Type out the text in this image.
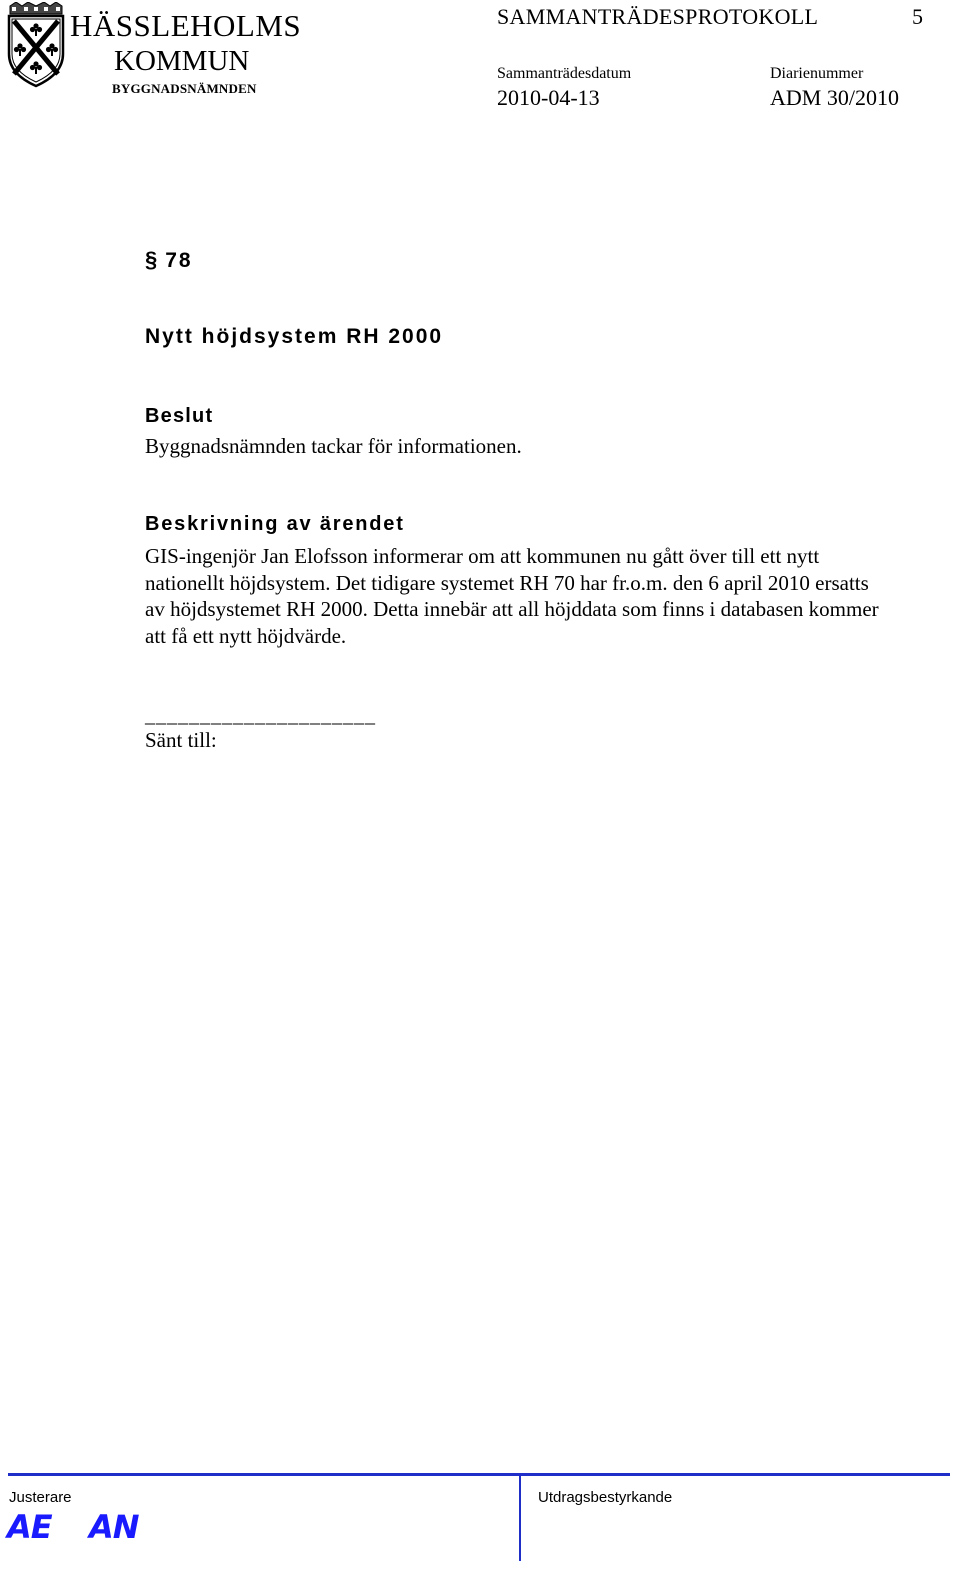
HÄSSLEHOLMS
KOMMUN
BYGGNADSNÄMNDEN
SAMMANTRÄDESPROTOKOLL	5
Sammanträdesdatum
2010-04-13
Diarienummer
ADM 30/2010
§ 78
Nytt höjdsystem RH 2000
Beslut
Byggnadsnämnden tackar för informationen.
Beskrivning av ärendet

GIS-ingenjör Jan Elofsson informerar om att kommunen nu gått över till ett nytt
nationellt höjdsystem. Det tidigare systemet RH 70 har fr.o.m. den 6 april 2010 ersatts
av höjdsystemet RH 2000. Detta innebär att all höjddata som finns i databasen kommer
att få ett nytt höjdvärde.

_____________________
Sänt till:
Justerare
AE AN
Utdragsbestyrkande
